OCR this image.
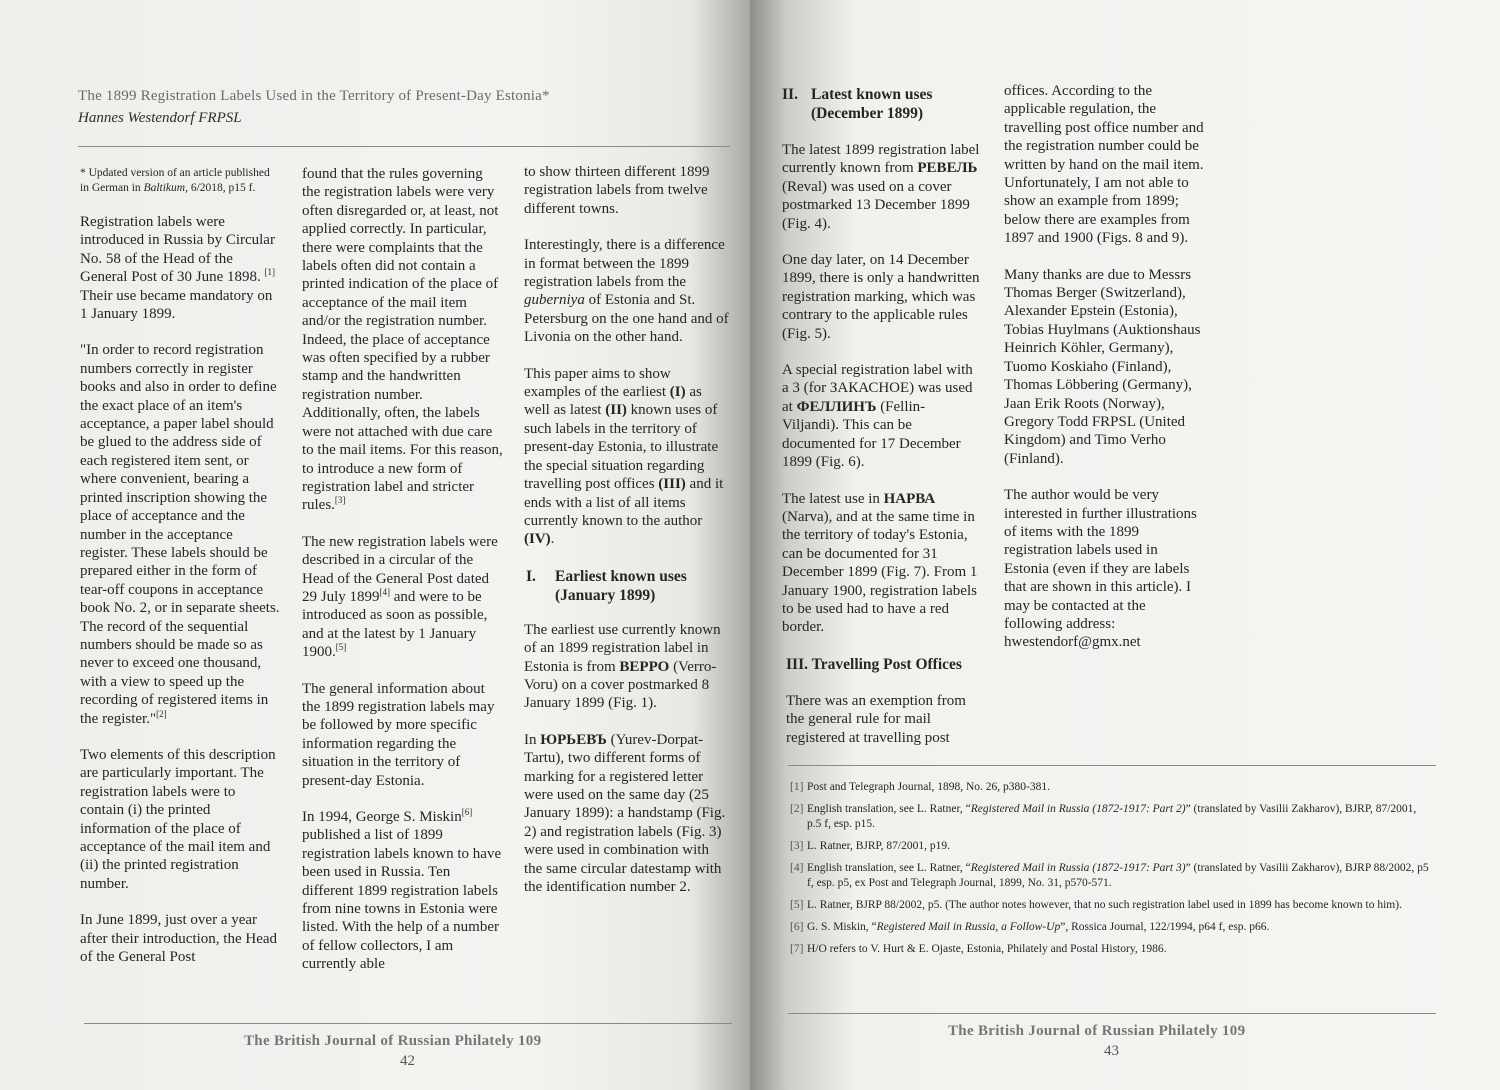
The 1899 Registration Labels Used in the Territory of Present-Day Estonia*
Hannes Westendorf FRPSL

* Updated version of an article published in German in Baltikum, 6/2018, p15 f.

Registration labels were introduced in Russia by Circular No. 58 of the Head of the General Post of 30 June 1898. [1] Their use became mandatory on 1 January 1899.

"In order to record registration numbers correctly in register books and also in order to define the exact place of an item's acceptance, a paper label should be glued to the address side of each registered item sent, or where convenient, bearing a printed inscription showing the place of acceptance and the number in the acceptance register. These labels should be prepared either in the form of tear-off coupons in acceptance book No. 2, or in separate sheets. The record of the sequential numbers should be made so as never to exceed one thousand, with a view to speed up the recording of registered items in the register."[2]

Two elements of this description are particularly important. The registration labels were to contain (i) the printed information of the place of acceptance of the mail item and (ii) the printed registration number.

In June 1899, just over a year after their introduction, the Head of the General Post

found that the rules governing the registration labels were very often disregarded or, at least, not applied correctly. In particular, there were complaints that the labels often did not contain a printed indication of the place of acceptance of the mail item and/or the registration number. Indeed, the place of acceptance was often specified by a rubber stamp and the handwritten registration number. Additionally, often, the labels were not attached with due care to the mail items. For this reason, to introduce a new form of registration label and stricter rules.[3]

The new registration labels were described in a circular of the Head of the General Post dated 29 July 1899[4] and were to be introduced as soon as possible, and at the latest by 1 January 1900.[5]

The general information about the 1899 registration labels may be followed by more specific information regarding the situation in the territory of present-day Estonia.

In 1994, George S. Miskin[6] published a list of 1899 registration labels known to have been used in Russia. Ten different 1899 registration labels from nine towns in Estonia were listed. With the help of a number of fellow collectors, I am currently able

to show thirteen different 1899 registration labels from twelve different towns.

Interestingly, there is a difference in format between the 1899 registration labels from the guberniya of Estonia and St. Petersburg on the one hand and of Livonia on the other hand.

This paper aims to show examples of the earliest (I) as well as latest (II) known uses of such labels in the territory of present-day Estonia, to illustrate the special situation regarding travelling post offices (III) and it ends with a list of all items currently known to the author (IV).

I.	Earliest known uses (January 1899)

The earliest use currently known of an 1899 registration label in Estonia is from ВЕРРО (Verro-Voru) on a cover postmarked 8 January 1899 (Fig. 1).

In ЮРЬЕВЪ (Yurev-Dorpat-Tartu), two different forms of marking for a registered letter were used on the same day (25 January 1899): a handstamp (Fig. 2) and registration labels (Fig. 3) were used in combination with the same circular datestamp with the identification number 2.

The British Journal of Russian Philately 109
42
II. Latest known uses (December 1899)

The latest 1899 registration label currently known from РЕВЕЛЬ (Reval) was used on a cover postmarked 13 December 1899 (Fig. 4).

One day later, on 14 December 1899, there is only a handwritten registration marking, which was contrary to the applicable rules (Fig. 5).

A special registration label with a 3 (for ЗАКАСНОЕ) was used at ФЕЛЛИНЪ (Fellin-Viljandi). This can be documented for 17 December 1899 (Fig. 6).

The latest use in НАРВА (Narva), and at the same time in the territory of today's Estonia, can be documented for 31 December 1899 (Fig. 7). From 1 January 1900, registration labels to be used had to have a red border.

III. Travelling Post Offices

There was an exemption from the general rule for mail registered at travelling post

offices. According to the applicable regulation, the travelling post office number and the registration number could be written by hand on the mail item. Unfortunately, I am not able to show an example from 1899; below there are examples from 1897 and 1900 (Figs. 8 and 9).

Many thanks are due to Messrs Thomas Berger (Switzerland), Alexander Epstein (Estonia), Tobias Huylmans (Auktionshaus Heinrich Köhler, Germany), Tuomo Koskiaho (Finland), Thomas Löbbering (Germany), Jaan Erik Roots (Norway), Gregory Todd FRPSL (United Kingdom) and Timo Verho (Finland).

The author would be very interested in further illustrations of items with the 1899 registration labels used in Estonia (even if they are labels that are shown in this article). I may be contacted at the following address:
hwestendorf@gmx.net

[1] Post and Telegraph Journal, 1898, No. 26, p380-381.
[2] English translation, see L. Ratner, “Registered Mail in Russia (1872-1917: Part 2)” (translated by Vasilii Zakharov), BJRP, 87/2001, p.5 f, esp. p15.
[3] L. Ratner, BJRP, 87/2001, p19.
[4] English translation, see L. Ratner, “Registered Mail in Russia (1872-1917: Part 3)” (translated by Vasilii Zakharov), BJRP 88/2002, p5 f, esp. p5, ex Post and Telegraph Journal, 1899, No. 31, p570-571.
[5] L. Ratner, BJRP 88/2002, p5. (The author notes however, that no such registration label used in 1899 has become known to him).
[6] G. S. Miskin, “Registered Mail in Russia, a Follow-Up”, Rossica Journal, 122/1994, p64 f, esp. p66.
[7] H/O refers to V. Hurt & E. Ojaste, Estonia, Philately and Postal History, 1986.
The British Journal of Russian Philately 109
43
